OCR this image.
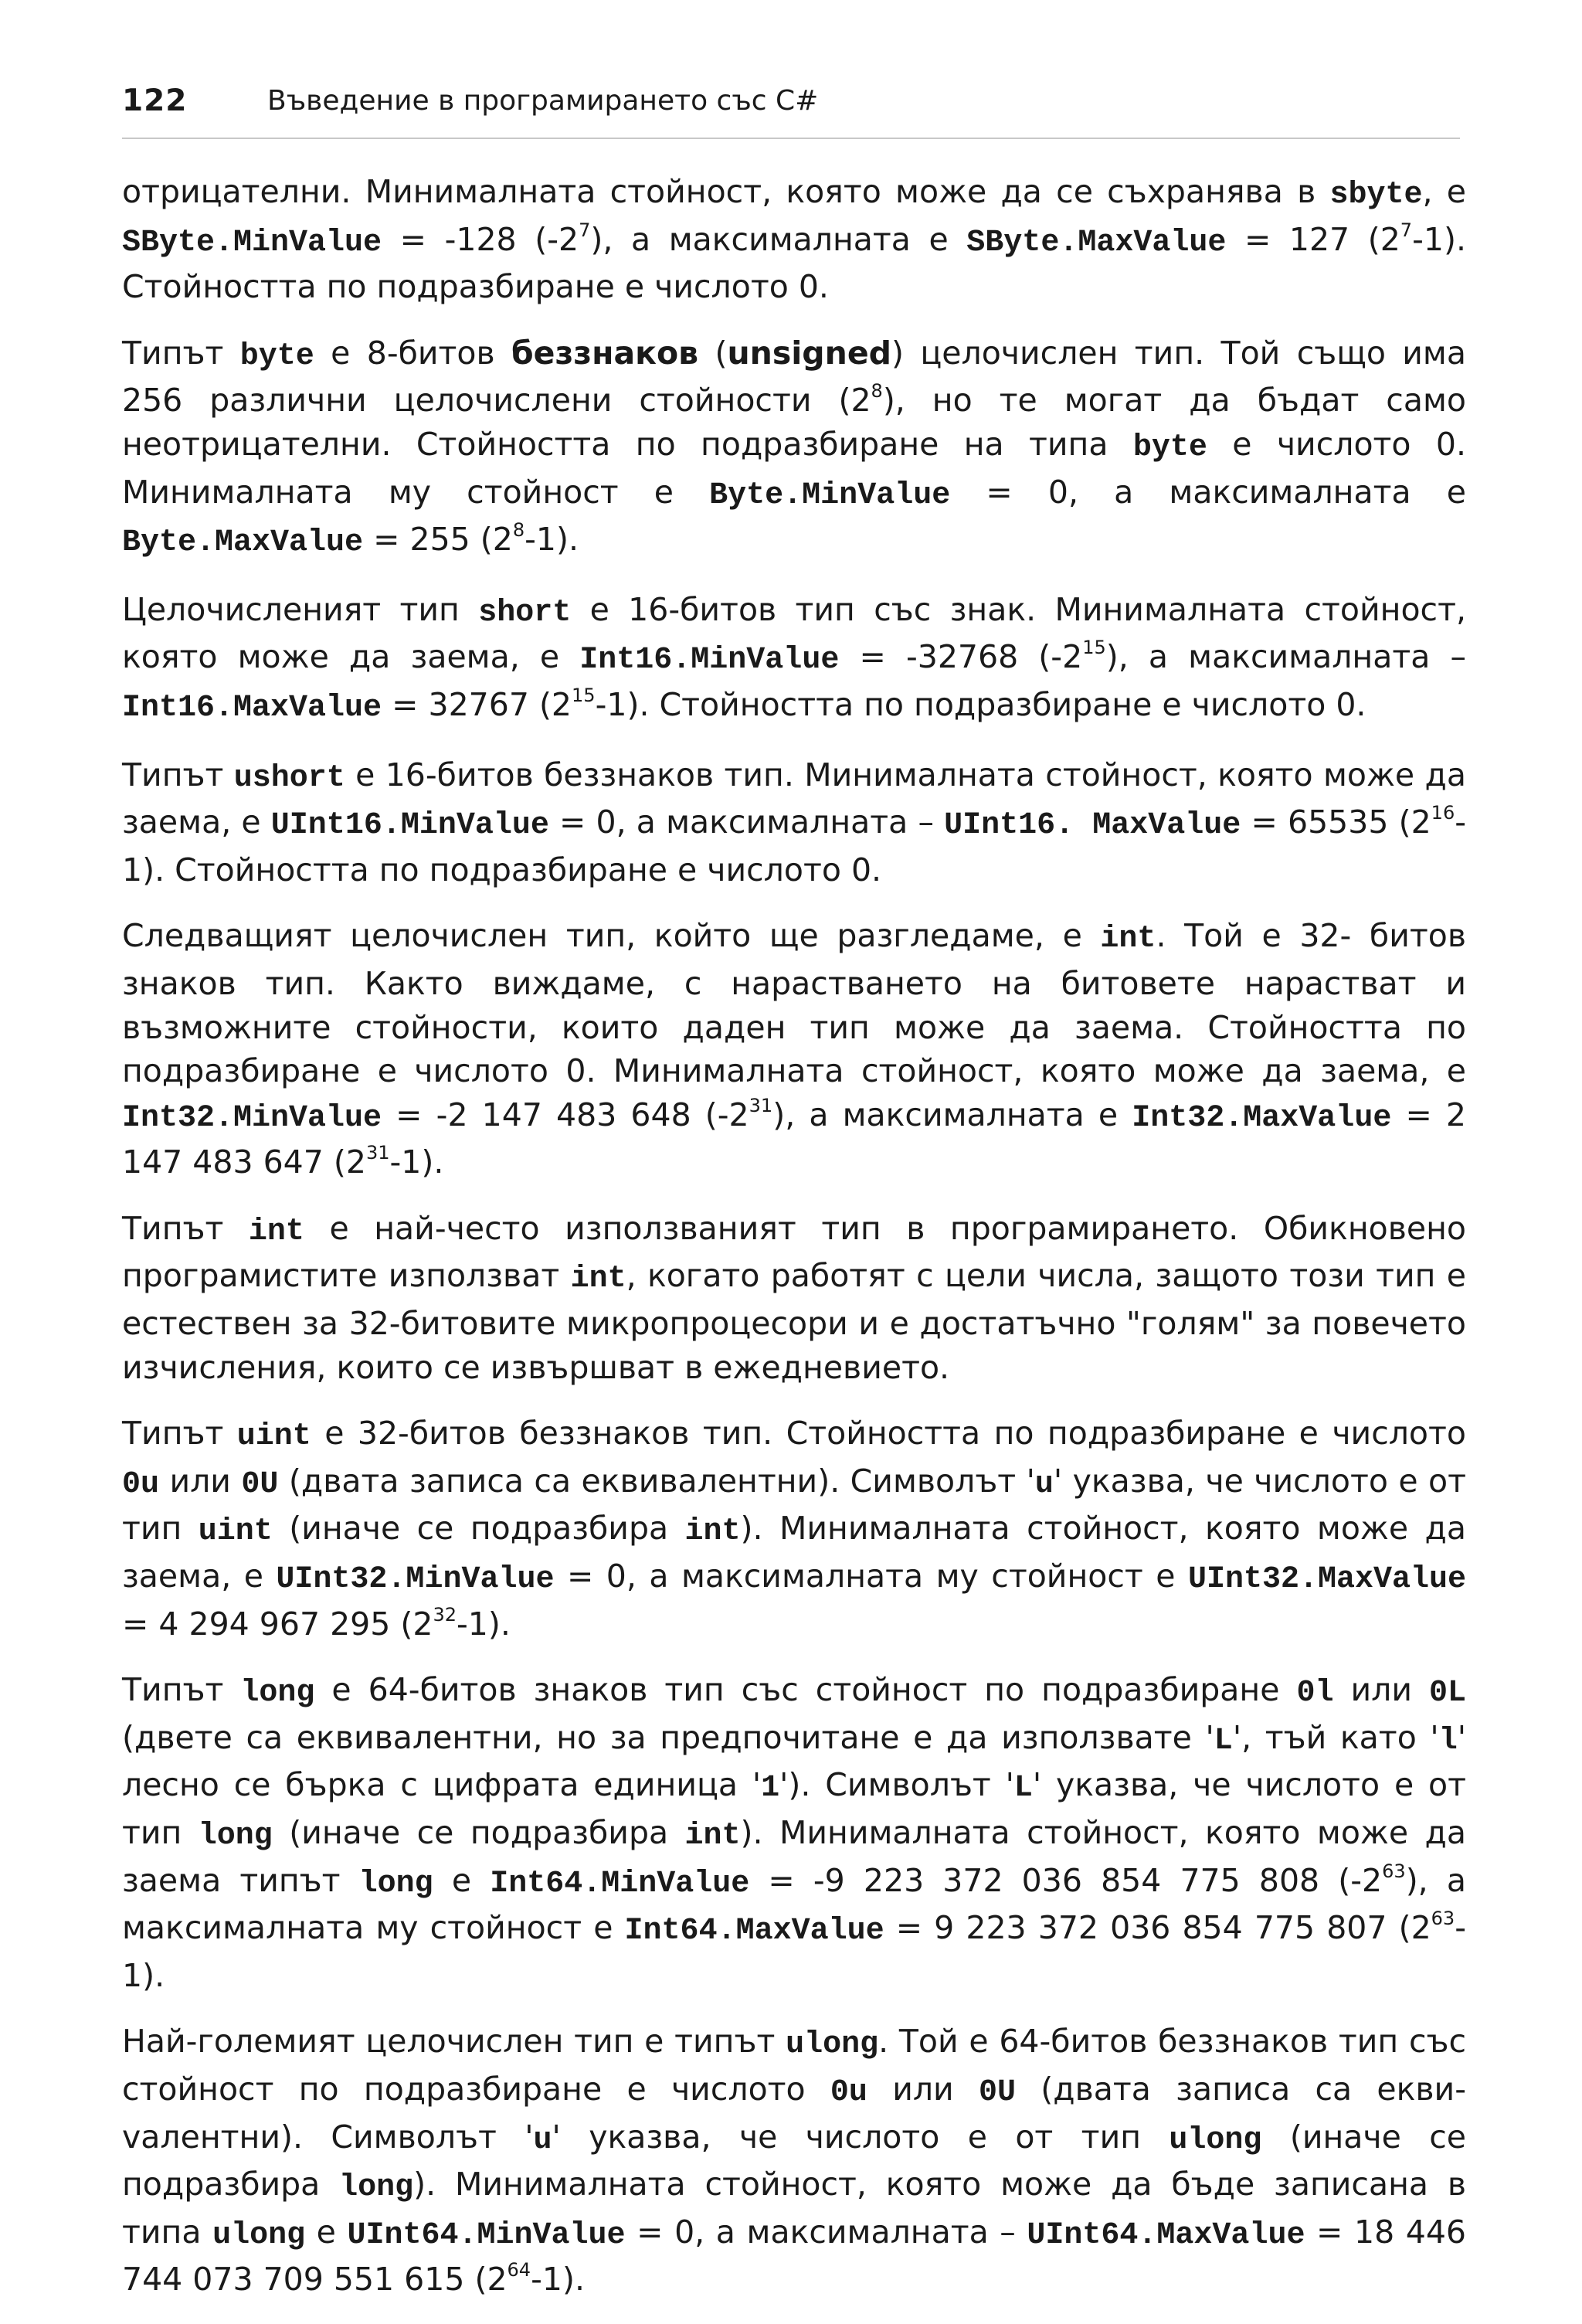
122	Въведение в програмирането със C#

отрицателни. Минималната стойност, която може да се съхранява в sbyte, е SByte.MinValue = -128 $(-2^7)$, а максималната е SByte.MaxValue = 127 $(2^7-1)$. Стойността по подразбиране е числото 0.

Типът byte е 8-битов беззнаков (unsigned) целочислен тип. Той също има 256 различни целочислени стойности $(2^8)$, но те могат да бъдат само неотрицателни. Стойността по подразбиране на типа byte е числото 0. Минималната му стойност е Byte.MinValue = 0, а максималната е Byte.MaxValue = 255 $(2^8-1)$.

Целочисленият тип short е 16-битов тип със знак. Минималната стойност, която може да заема, е Int16.MinValue = -32768 $(-2^{15})$, а максималната – Int16.MaxValue = 32767 $(2^{15}-1)$. Стойността по подразбиране е числото 0.

Типът ushort е 16-битов беззнаков тип. Минималната стойност, която може да заема, е UInt16.MinValue = 0, а максималната – UInt16. MaxValue = 65535 $(2^{16}-1)$. Стойността по подразбиране е числото 0.

Следващият целочислен тип, който ще разгледаме, е int. Той е 32- битов знаков тип. Както виждаме, с нарастването на битовете нарастват и възможните стойности, които даден тип може да заема. Стойността по подразбиране е числото 0. Минималната стойност, която може да заема, е Int32.MinValue = -2 147 483 648 $(-2^{31})$, а максималната е Int32.MaxValue = 2 147 483 647 $(2^{31}-1)$.

Типът int е най-често използваният тип в програмирането. Обикновено програмистите използват int, когато работят с цели числа, защото този тип е естествен за 32-битовите микропроцесори и е достатъчно "голям" за повечето изчисления, които се извършват в ежедневието.

Типът uint е 32-битов беззнаков тип. Стойността по подразбиране е числото 0u или 0U (двата записа са еквивалентни). Символът 'u' указва, че числото е от тип uint (иначе се подразбира int). Минималната стойност, която може да заема, е UInt32.MinValue = 0, а максималната му стойност е UInt32.MaxValue = 4 294 967 295 $(2^{32}-1)$.

Типът long е 64-битов знаков тип със стойност по подразбиране 0l или 0L (двете са еквивалентни, но за предпочитане е да използвате 'L', тъй като 'l' лесно се бърка с цифрата единица '1'). Символът 'L' указва, че числото е от тип long (иначе се подразбира int). Минималната стойност, която може да заема типът long е Int64.MinValue = -9 223 372 036 854 775 808 $(-2^{63})$, а максималната му стойност е Int64.MaxValue = 9 223 372 036 854 775 807 $(2^{63}-1)$.

Най-големият целочислен тип е типът ulong. Той е 64-битов беззнаков тип със стойност по подразбиране е числото 0u или 0U (двата записа са еквиvалентни). Символът 'u' указва, че числото е от тип ulong (иначе се подразбира long). Минималната стойност, която може да бъде записана в типа ulong е UInt64.MinValue = 0, а максималната – UInt64.MaxValue = 18 446 744 073 709 551 615 $(2^{64}-1)$.
